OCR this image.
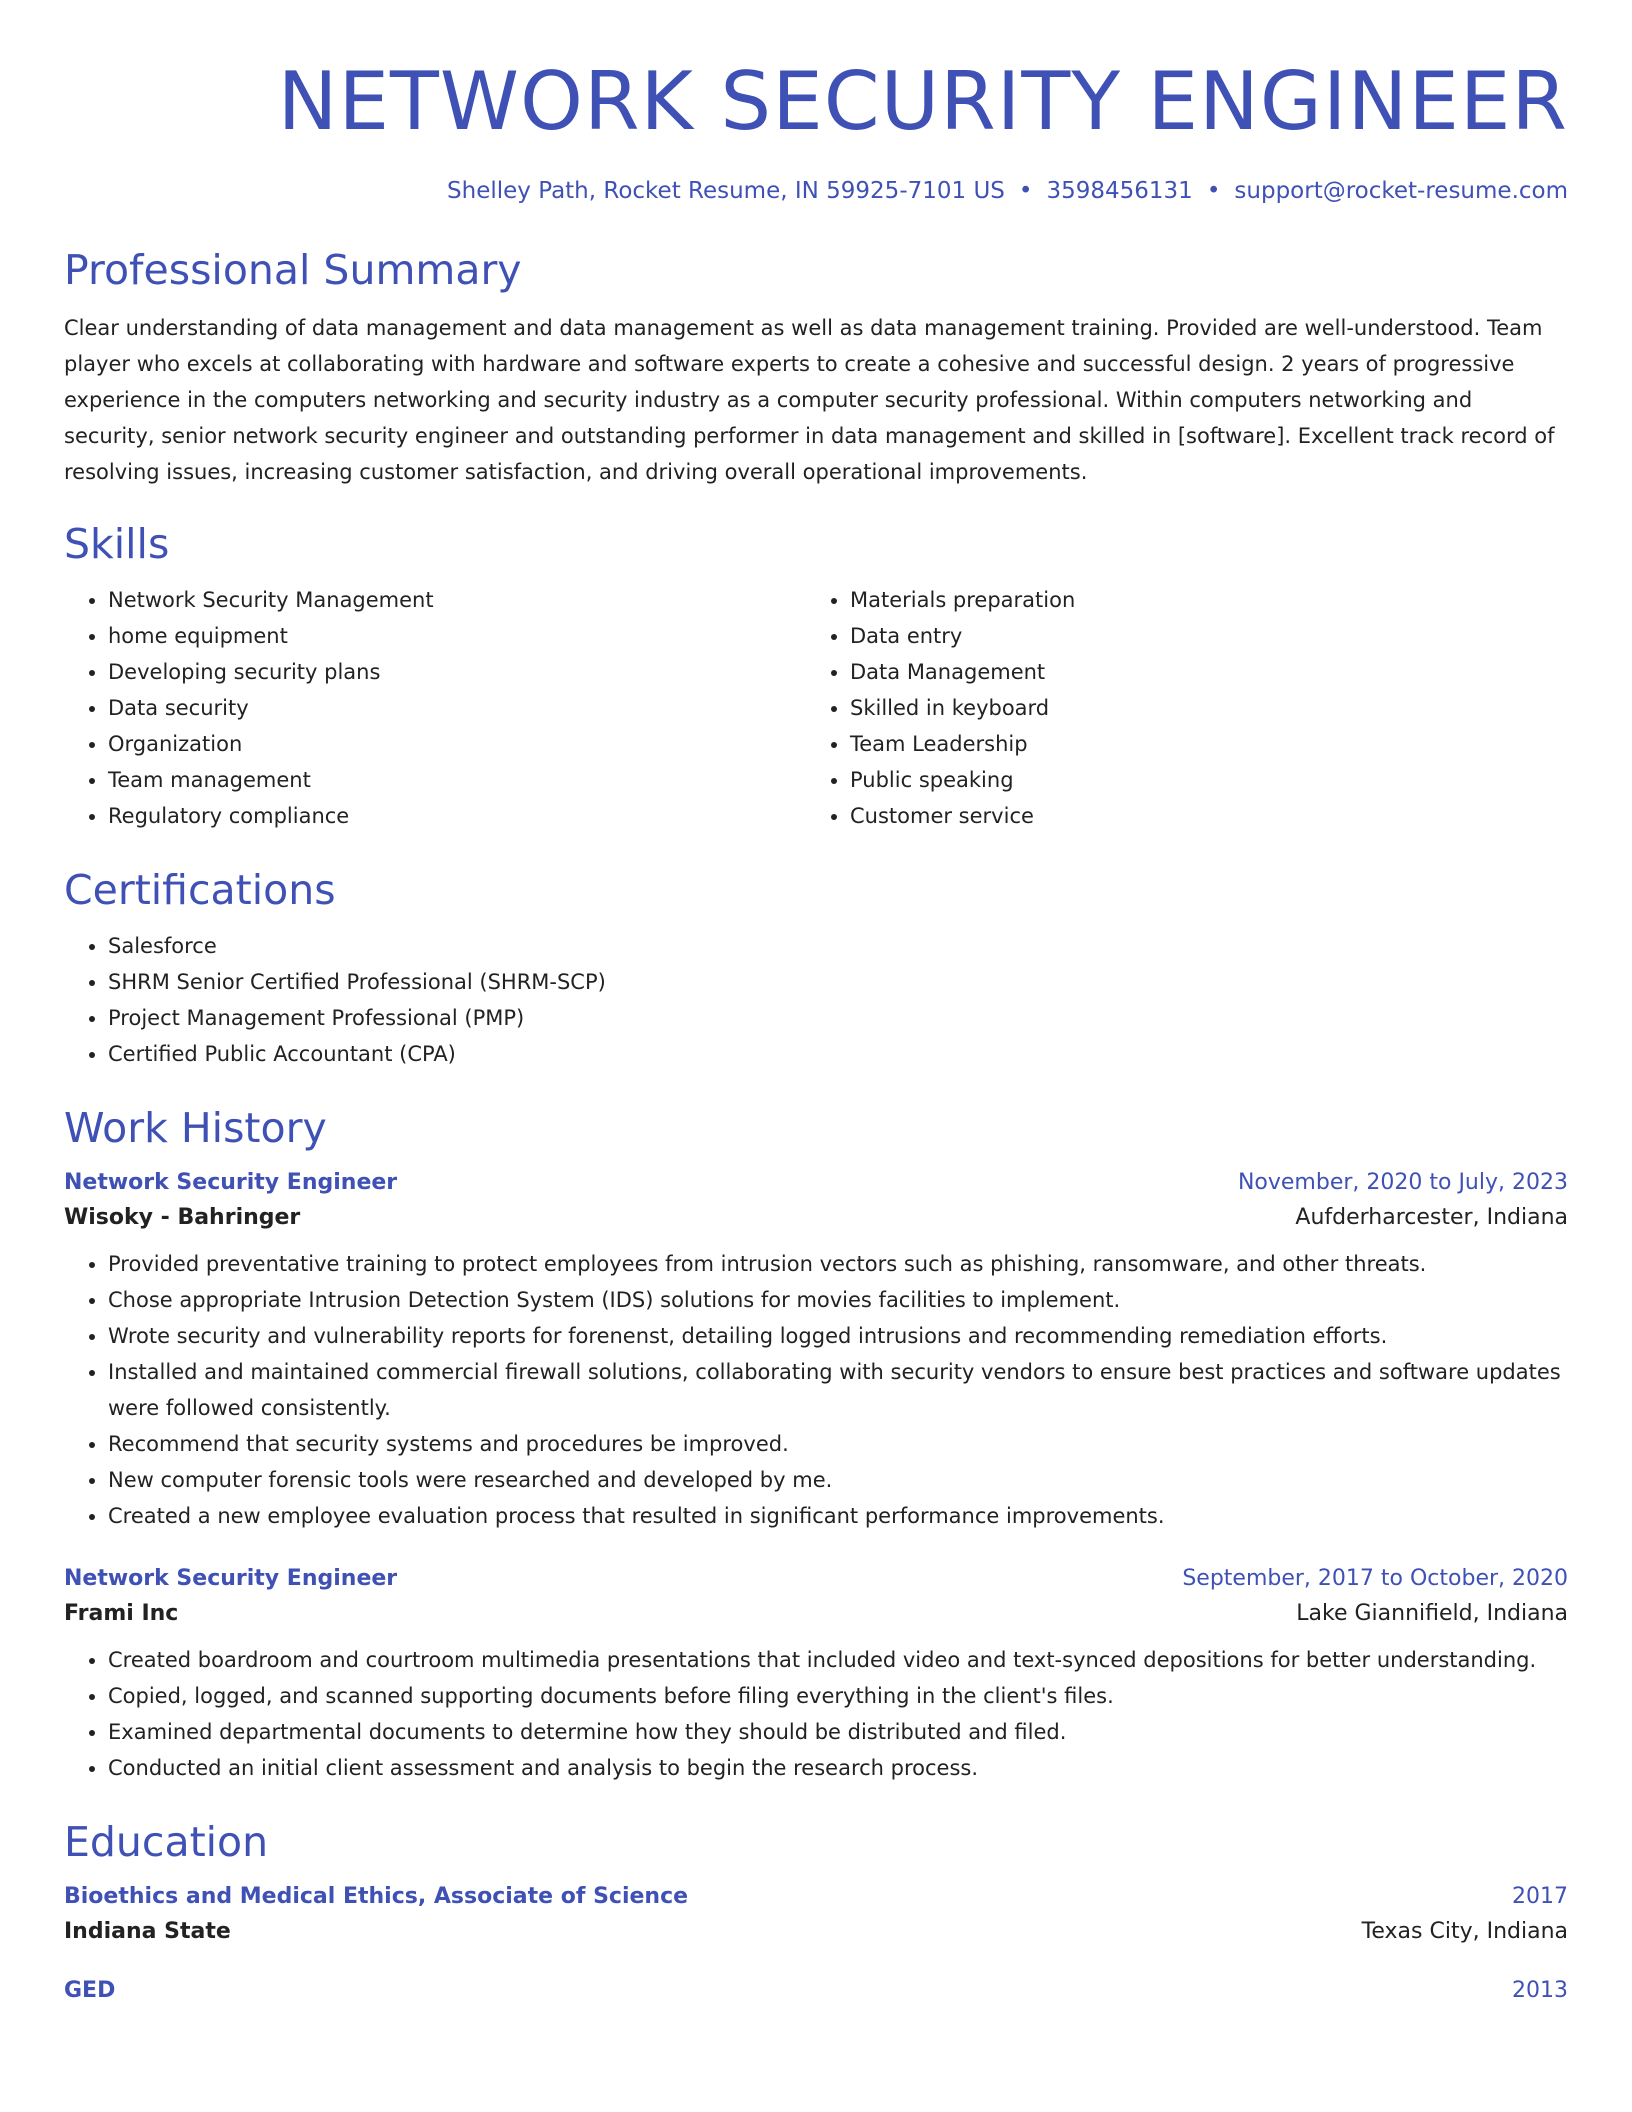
NETWORK SECURITY ENGINEER
Shelley Path, Rocket Resume, IN 59925-7101 US • 3598456131 • support@rocket-resume.com
Professional Summary
Clear understanding of data management and data management as well as data management training. Provided are well-understood. Team player who excels at collaborating with hardware and software experts to create a cohesive and successful design. 2 years of progressive experience in the computers networking and security industry as a computer security professional. Within computers networking and security, senior network security engineer and outstanding performer in data management and skilled in [software]. Excellent track record of resolving issues, increasing customer satisfaction, and driving overall operational improvements.
Skills
• Network Security Management
• home equipment
• Developing security plans
• Data security
• Organization
• Team management
• Regulatory compliance
• Materials preparation
• Data entry
• Data Management
• Skilled in keyboard
• Team Leadership
• Public speaking
• Customer service
Certifications
• Salesforce
• SHRM Senior Certified Professional (SHRM-SCP)
• Project Management Professional (PMP)
• Certified Public Accountant (CPA)
Work History
Network Security Engineer	November, 2020 to July, 2023
Wisoky - Bahringer	Aufderharcester, Indiana
• Provided preventative training to protect employees from intrusion vectors such as phishing, ransomware, and other threats.
• Chose appropriate Intrusion Detection System (IDS) solutions for movies facilities to implement.
• Wrote security and vulnerability reports for forenenst, detailing logged intrusions and recommending remediation efforts.
• Installed and maintained commercial firewall solutions, collaborating with security vendors to ensure best practices and software updates were followed consistently.
• Recommend that security systems and procedures be improved.
• New computer forensic tools were researched and developed by me.
• Created a new employee evaluation process that resulted in significant performance improvements.
Network Security Engineer	September, 2017 to October, 2020
Frami Inc	Lake Giannifield, Indiana
• Created boardroom and courtroom multimedia presentations that included video and text-synced depositions for better understanding.
• Copied, logged, and scanned supporting documents before filing everything in the client's files.
• Examined departmental documents to determine how they should be distributed and filed.
• Conducted an initial client assessment and analysis to begin the research process.
Education
Bioethics and Medical Ethics, Associate of Science	2017
Indiana State	Texas City, Indiana
GED	2013
